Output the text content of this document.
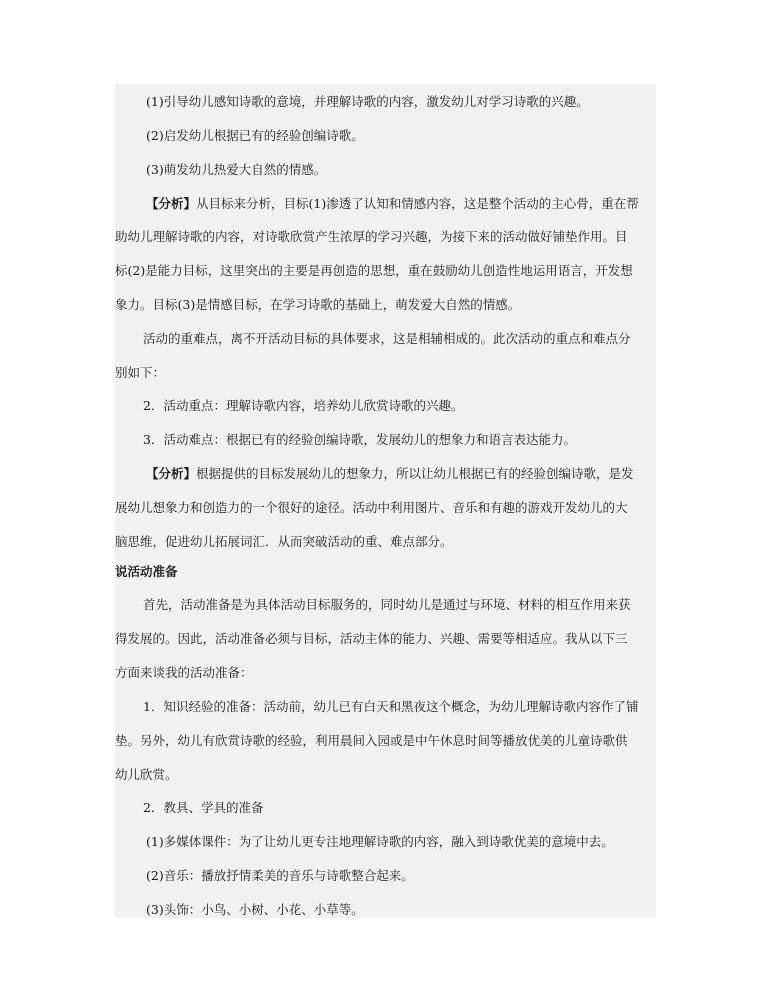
(1)引导幼儿感知诗歌的意境，并理解诗歌的内容，激发幼儿对学习诗歌的兴趣。
(2)启发幼儿根据已有的经验创编诗歌。
(3)萌发幼儿热爱大自然的情感。
【分析】从目标来分析，目标(1)渗透了认知和情感内容，这是整个活动的主心骨，重在帮
助幼儿理解诗歌的内容，对诗歌欣赏产生浓厚的学习兴趣，为接下来的活动做好铺垫作用。目
标(2)是能力目标，这里突出的主要是再创造的思想，重在鼓励幼儿创造性地运用语言，开发想
象力。目标(3)是情感目标，在学习诗歌的基础上，萌发爱大自然的情感。
活动的重难点，离不开活动目标的具体要求，这是相辅相成的。此次活动的重点和难点分
别如下：
2．活动重点：理解诗歌内容，培养幼儿欣赏诗歌的兴趣。
3．活动难点：根据已有的经验创编诗歌，发展幼儿的想象力和语言表达能力。
【分析】根据提供的目标发展幼儿的想象力，所以让幼儿根据已有的经验创编诗歌，是发
展幼儿想象力和创造力的一个很好的途径。活动中利用图片、音乐和有趣的游戏开发幼儿的大
脑思维，促进幼儿拓展词汇．从而突破活动的重、难点部分。
说活动准备
首先，活动准备是为具体活动目标服务的，同时幼儿是通过与环境、材料的相互作用来获
得发展的。因此，活动准备必须与目标，活动主体的能力、兴趣、需要等相适应。我从以下三
方面来谈我的活动准备：
1．知识经验的准备：活动前，幼儿已有白天和黑夜这个概念，为幼儿理解诗歌内容作了铺
垫。另外，幼儿有欣赏诗歌的经验，利用晨间入园或是中午休息时间等播放优美的儿童诗歌供
幼儿欣赏。
2．教具、学具的准备
(1)多媒体课件：为了让幼儿更专注地理解诗歌的内容，融入到诗歌优美的意境中去。
(2)音乐：播放抒情柔美的音乐与诗歌整合起来。
(3)头饰：小鸟、小树、小花、小草等。
